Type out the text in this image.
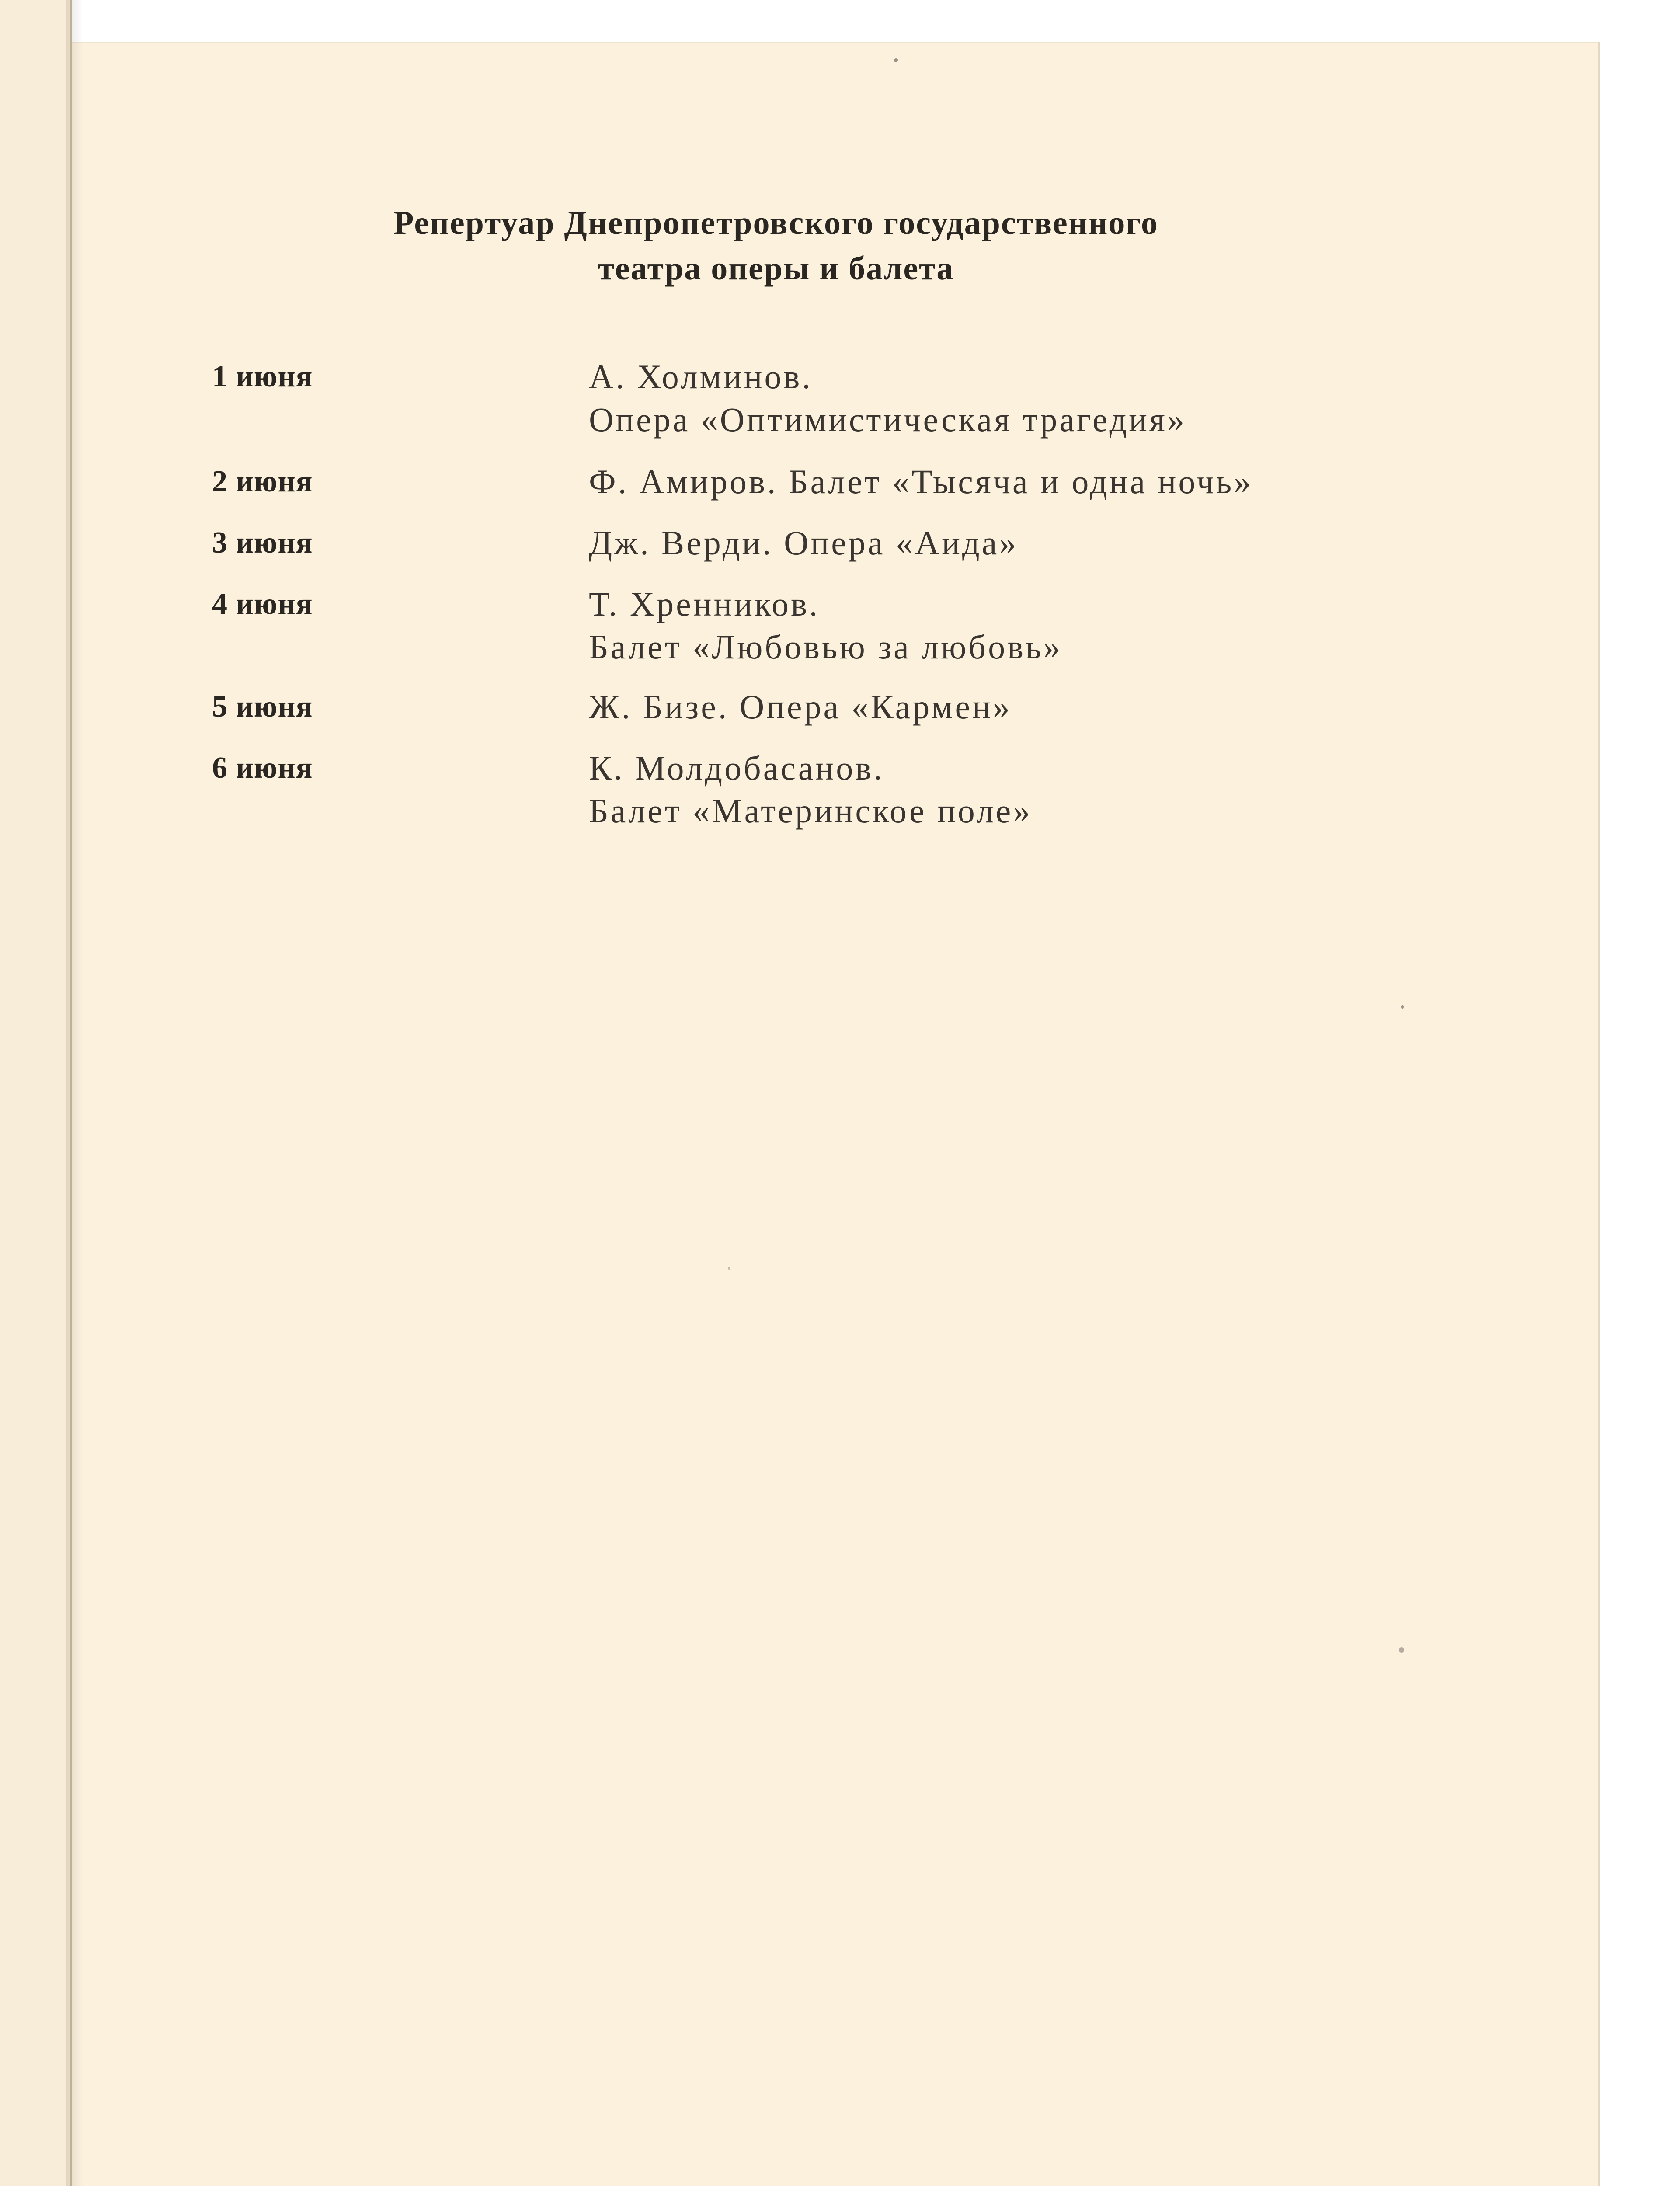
Репертуар Днепропетровского государственного
театра оперы и балета
1 июня	А. Холминов.
Опера «Оптимистическая трагедия»
2 июня	Ф. Амиров. Балет «Тысяча и одна ночь»
3 июня	Дж. Верди. Опера «Аида»
4 июня	Т. Хренников.
Балет «Любовью за любовь»
5 июня	Ж. Бизе. Опера «Кармен»
6 июня	К. Молдобасанов.
Балет «Материнское поле»
